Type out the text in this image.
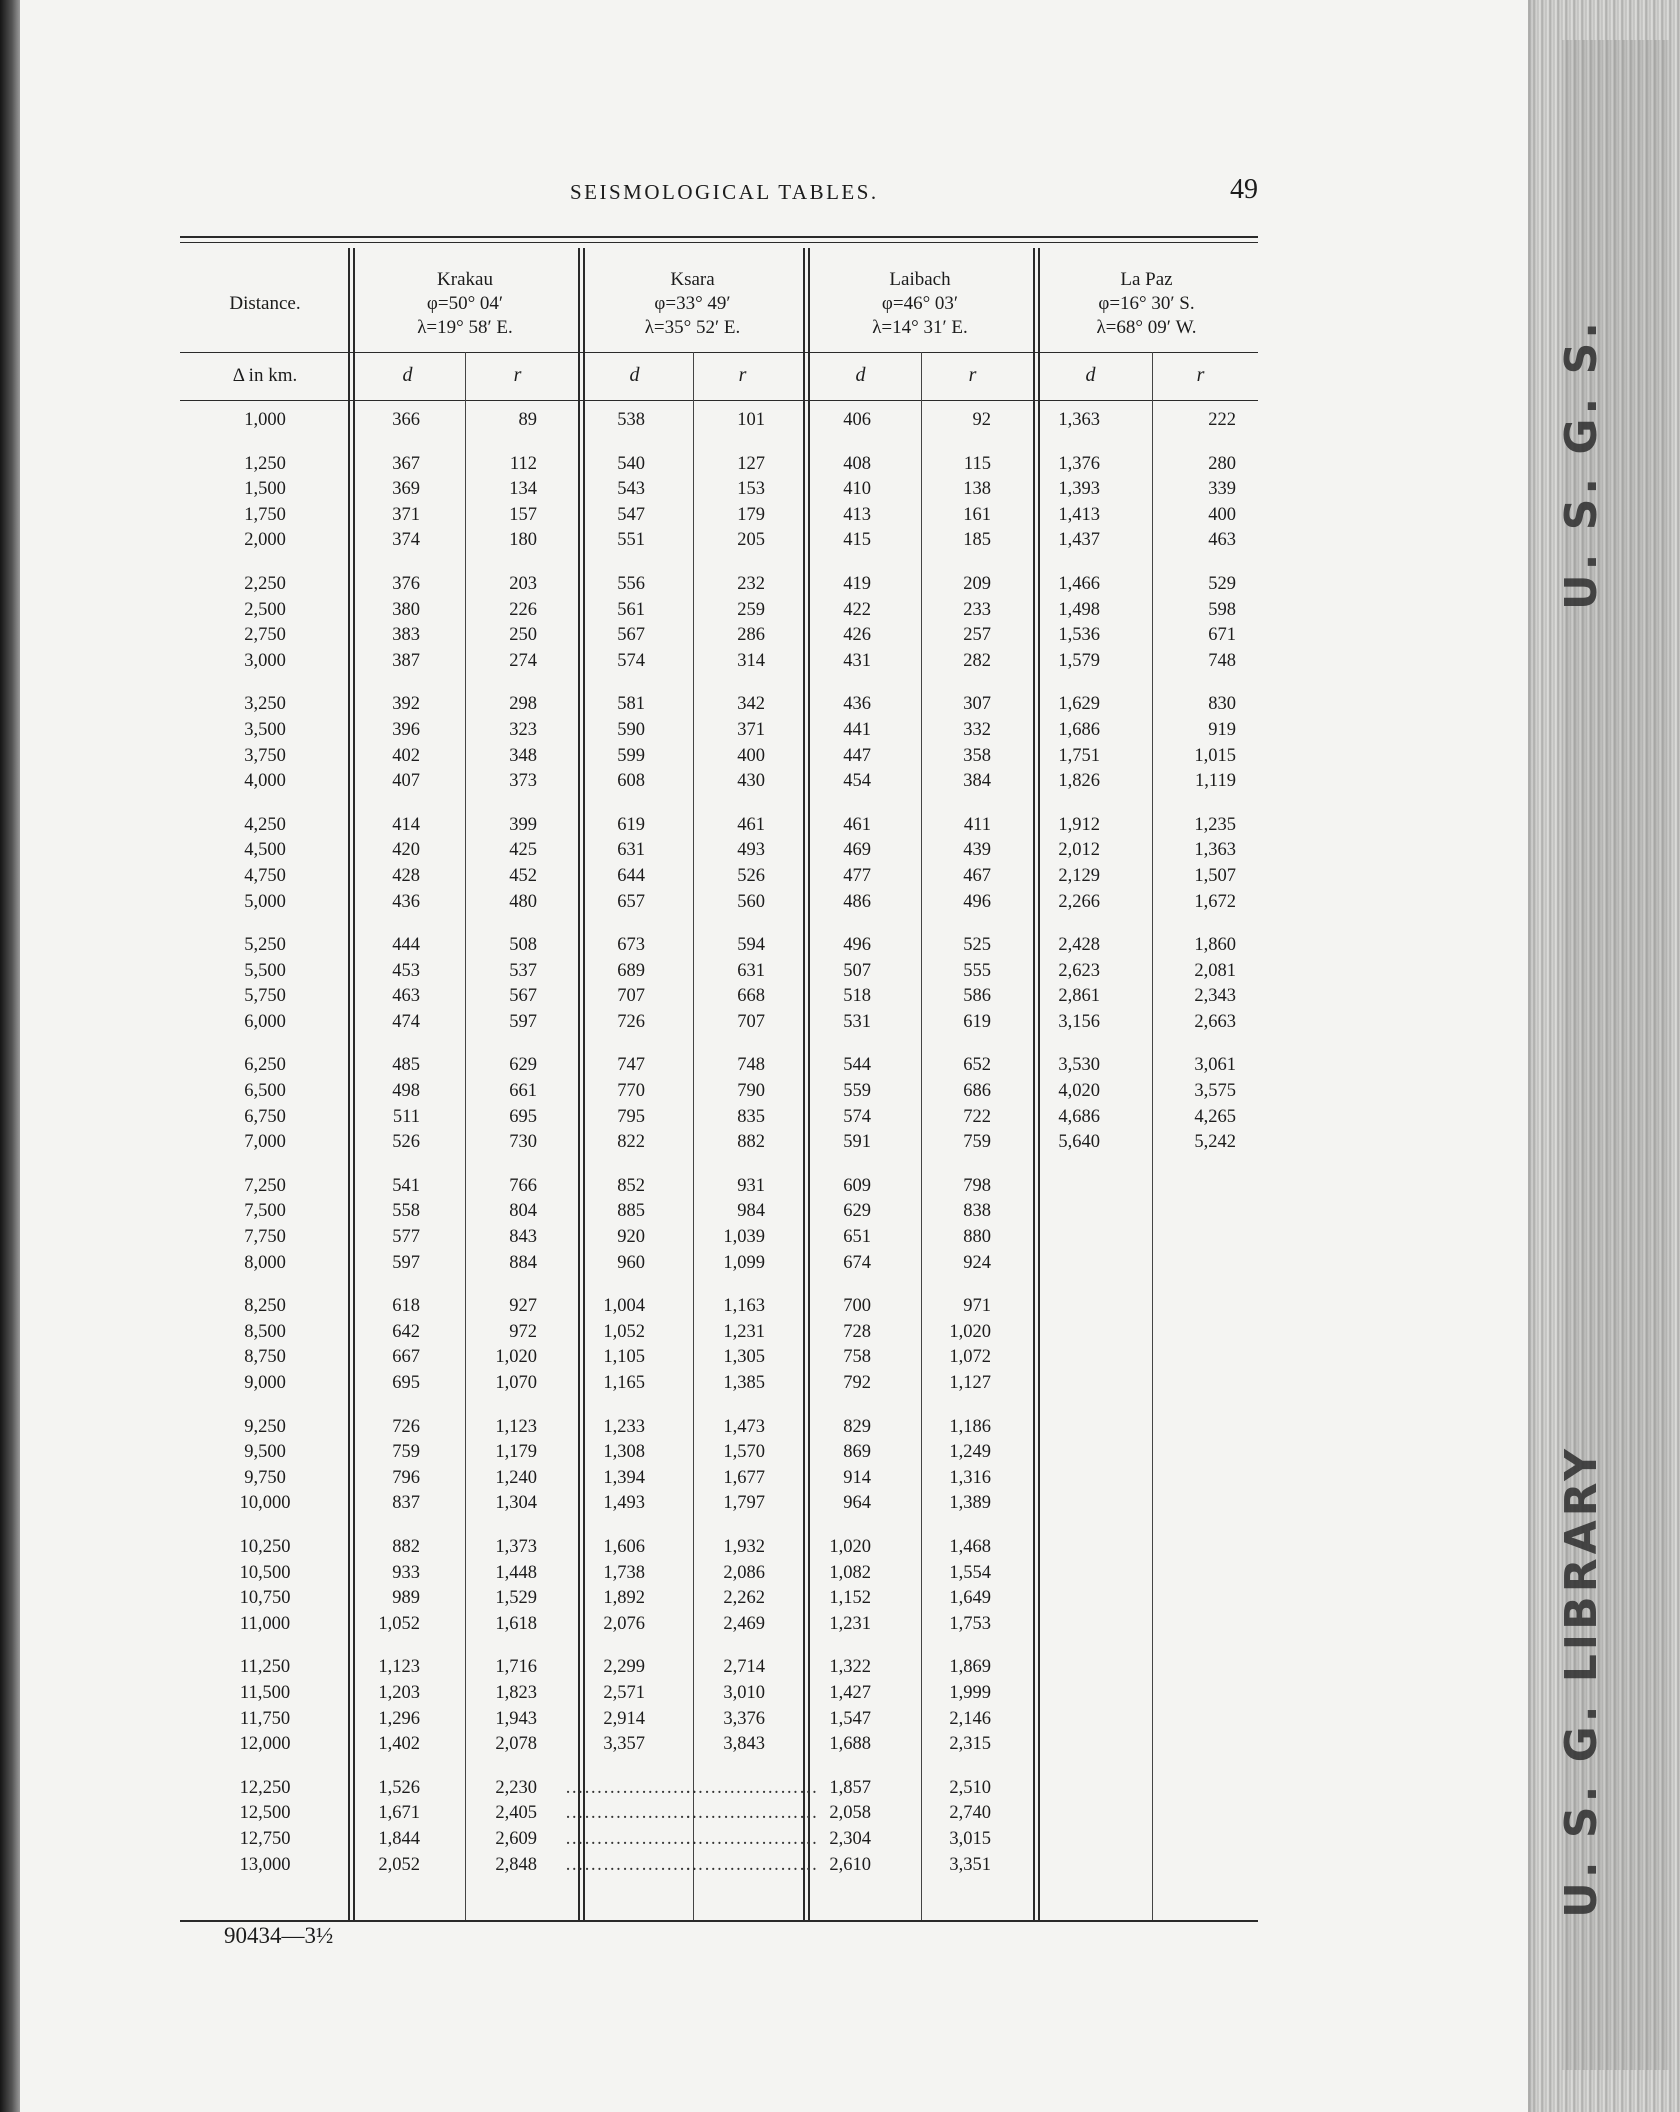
U. S. G. S.
U. S. G. LIBRARY
SEISMOLOGICAL TABLES.	49
Distance.
Krakau
φ=50° 04′
λ=19° 58′ E.
Ksara
φ=33° 49′
λ=35° 52′ E.
Laibach
φ=46° 03′
λ=14° 31′ E.
La Paz
φ=16° 30′ S.
λ=68° 09′ W.
Δ in km.	d	r	d	r	d	r	d	r
1,000	366	89	538	101	406	92	1,363	222

1,250	367	112	540	127	408	115	1,376	280
1,500	369	134	543	153	410	138	1,393	339
1,750	371	157	547	179	413	161	1,413	400
2,000	374	180	551	205	415	185	1,437	463

2,250	376	203	556	232	419	209	1,466	529
2,500	380	226	561	259	422	233	1,498	598
2,750	383	250	567	286	426	257	1,536	671
3,000	387	274	574	314	431	282	1,579	748

3,250	392	298	581	342	436	307	1,629	830
3,500	396	323	590	371	441	332	1,686	919
3,750	402	348	599	400	447	358	1,751	1,015
4,000	407	373	608	430	454	384	1,826	1,119

4,250	414	399	619	461	461	411	1,912	1,235
4,500	420	425	631	493	469	439	2,012	1,363
4,750	428	452	644	526	477	467	2,129	1,507
5,000	436	480	657	560	486	496	2,266	1,672

5,250	444	508	673	594	496	525	2,428	1,860
5,500	453	537	689	631	507	555	2,623	2,081
5,750	463	567	707	668	518	586	2,861	2,343
6,000	474	597	726	707	531	619	3,156	2,663

6,250	485	629	747	748	544	652	3,530	3,061
6,500	498	661	770	790	559	686	4,020	3,575
6,750	511	695	795	835	574	722	4,686	4,265
7,000	526	730	822	882	591	759	5,640	5,242

7,250	541	766	852	931	609	798		
7,500	558	804	885	984	629	838		
7,750	577	843	920	1,039	651	880		
8,000	597	884	960	1,099	674	924		

8,250	618	927	1,004	1,163	700	971		
8,500	642	972	1,052	1,231	728	1,020		
8,750	667	1,020	1,105	1,305	758	1,072		
9,000	695	1,070	1,165	1,385	792	1,127		

9,250	726	1,123	1,233	1,473	829	1,186		
9,500	759	1,179	1,308	1,570	869	1,249		
9,750	796	1,240	1,394	1,677	914	1,316		
10,000	837	1,304	1,493	1,797	964	1,389		

10,250	882	1,373	1,606	1,932	1,020	1,468		
10,500	933	1,448	1,738	2,086	1,082	1,554		
10,750	989	1,529	1,892	2,262	1,152	1,649		
11,000	1,052	1,618	2,076	2,469	1,231	1,753		

11,250	1,123	1,716	2,299	2,714	1,322	1,869		
11,500	1,203	1,823	2,571	3,010	1,427	1,999		
11,750	1,296	1,943	2,914	3,376	1,547	2,146		
12,000	1,402	2,078	3,357	3,843	1,688	2,315		

12,250	1,526	2,230	…………………	…………………	1,857	2,510		
12,500	1,671	2,405	…………………	…………………	2,058	2,740		
12,750	1,844	2,609	…………………	…………………	2,304	3,015		
13,000	2,052	2,848	…………………	…………………	2,610	3,351		
90434—3½
